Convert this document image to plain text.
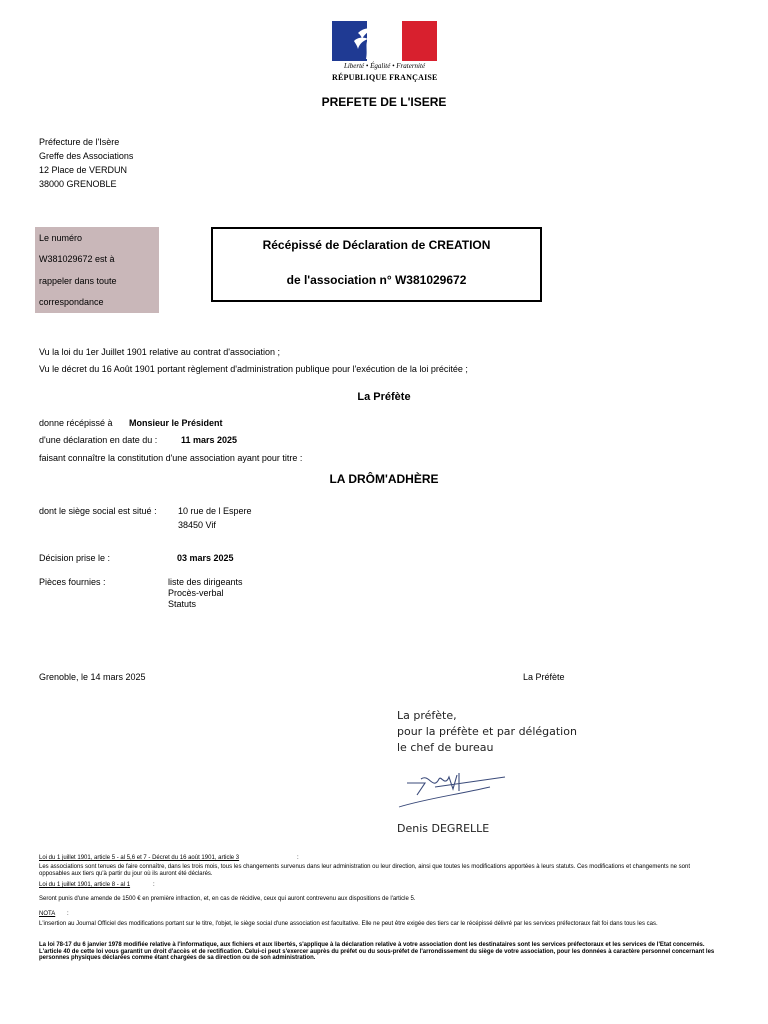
Liberté • Égalité • Fraternité
RÉPUBLIQUE FRANÇAISE
PREFETE DE L'ISERE
Préfecture de l'Isère
Greffe des Associations
12 Place de VERDUN
38000 GRENOBLE
Le numéro
W381029672 est à
rappeler dans toute
correspondance
Récépissé de Déclaration de CREATION
de l'association n° W381029672
Vu la loi du 1er Juillet 1901 relative au contrat d'association ;
Vu le décret du 16 Août 1901 portant règlement d'administration publique pour l'exécution de la loi précitée ;
La Préfète
donne récépissé à Monsieur le Président
d'une déclaration en date du :	11 mars 2025
faisant connaître la constitution d'une association ayant pour titre :
LA DRÔM'ADHÈRE
dont le siège social est situé : 10 rue de l Espere
38450 Vif
Décision prise le :	03 mars 2025
Pièces fournies :	liste des dirigeants
Procès-verbal
Statuts
Grenoble, le 14 mars 2025	La Préfète
La préfète,
pour la préfète et par délégation
le chef de bureau
Denis DEGRELLE
Loi du 1 juillet 1901, article 5 - al 5,6 et 7 - Décret du 16 août 1901, article 3	:
Les associations sont tenues de faire connaître, dans les trois mois, tous les changements survenus dans leur administration ou leur direction, ainsi que toutes les modifications apportées à leurs statuts. Ces modifications et changements ne sont opposables aux tiers qu'à partir du jour où ils auront été déclarés.
Loi du 1 juillet 1901, article 8 - al 1	:
Seront punis d'une amende de 1500 € en première infraction, et, en cas de récidive, ceux qui auront contrevenu aux dispositions de l'article 5.
NOTA :
L'insertion au Journal Officiel des modifications portant sur le titre, l'objet, le siège social d'une association est facultative. Elle ne peut être exigée des tiers car le récépissé délivré par les services préfectoraux fait foi dans tous les cas.
La loi 78-17 du 6 janvier 1978 modifiée relative à l'informatique, aux fichiers et aux libertés, s'applique à la déclaration relative à votre association dont les destinataires sont les services préfectoraux et les services de l'Etat concernés. L'article 40 de cette loi vous garantit un droit d'accès et de rectification. Celui-ci peut s'exercer auprès du préfet ou du sous-préfet de l'arrondissement du siège de votre association, pour les données à caractère personnel concernant les personnes physiques déclarées comme étant chargées de sa direction ou de son administration.
